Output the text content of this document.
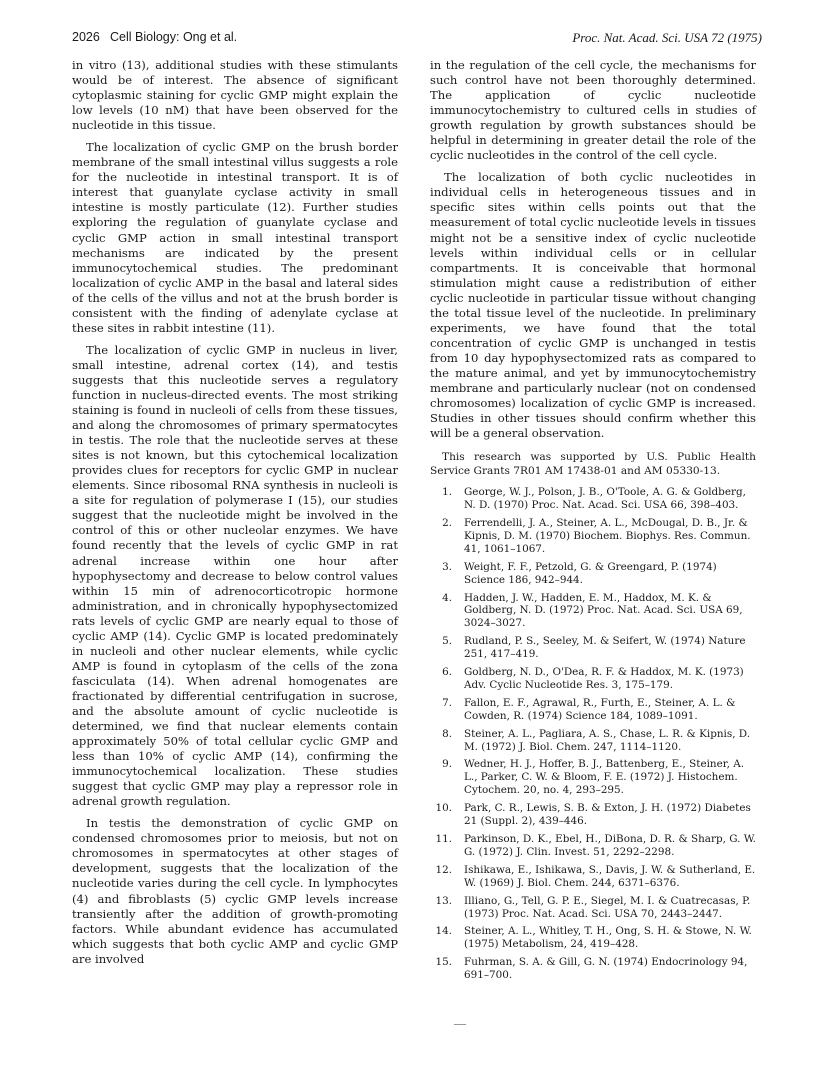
2026 Cell Biology: Ong et al.	Proc. Nat. Acad. Sci. USA 72 (1975)

in vitro (13), additional studies with these stimulants would be of interest. The absence of significant cytoplasmic staining for cyclic GMP might explain the low levels (10 nM) that have been observed for the nucleotide in this tissue.

The localization of cyclic GMP on the brush border membrane of the small intestinal villus suggests a role for the nucleotide in intestinal transport. It is of interest that guanylate cyclase activity in small intestine is mostly particulate (12). Further studies exploring the regulation of guanylate cyclase and cyclic GMP action in small intestinal transport mechanisms are indicated by the present immunocytochemical studies. The predominant localization of cyclic AMP in the basal and lateral sides of the cells of the villus and not at the brush border is consistent with the finding of adenylate cyclase at these sites in rabbit intestine (11).

The localization of cyclic GMP in nucleus in liver, small intestine, adrenal cortex (14), and testis suggests that this nucleotide serves a regulatory function in nucleus-directed events. The most striking staining is found in nucleoli of cells from these tissues, and along the chromosomes of primary spermatocytes in testis. The role that the nucleotide serves at these sites is not known, but this cytochemical localization provides clues for receptors for cyclic GMP in nuclear elements. Since ribosomal RNA synthesis in nucleoli is a site for regulation of polymerase I (15), our studies suggest that the nucleotide might be involved in the control of this or other nucleolar enzymes. We have found recently that the levels of cyclic GMP in rat adrenal increase within one hour after hypophysectomy and decrease to below control values within 15 min of adrenocorticotropic hormone administration, and in chronically hypophysectomized rats levels of cyclic GMP are nearly equal to those of cyclic AMP (14). Cyclic GMP is located predominately in nucleoli and other nuclear elements, while cyclic AMP is found in cytoplasm of the cells of the zona fasciculata (14). When adrenal homogenates are fractionated by differential centrifugation in sucrose, and the absolute amount of cyclic nucleotide is determined, we find that nuclear elements contain approximately 50% of total cellular cyclic GMP and less than 10% of cyclic AMP (14), confirming the immunocytochemical localization. These studies suggest that cyclic GMP may play a repressor role in adrenal growth regulation.

In testis the demonstration of cyclic GMP on condensed chromosomes prior to meiosis, but not on chromosomes in spermatocytes at other stages of development, suggests that the localization of the nucleotide varies during the cell cycle. In lymphocytes (4) and fibroblasts (5) cyclic GMP levels increase transiently after the addition of growth-promoting factors. While abundant evidence has accumulated which suggests that both cyclic AMP and cyclic GMP are involved

in the regulation of the cell cycle, the mechanisms for such control have not been thoroughly determined. The application of cyclic nucleotide immunocytochemistry to cultured cells in studies of growth regulation by growth substances should be helpful in determining in greater detail the role of the cyclic nucleotides in the control of the cell cycle.

The localization of both cyclic nucleotides in individual cells in heterogeneous tissues and in specific sites within cells points out that the measurement of total cyclic nucleotide levels in tissues might not be a sensitive index of cyclic nucleotide levels within individual cells or in cellular compartments. It is conceivable that hormonal stimulation might cause a redistribution of either cyclic nucleotide in particular tissue without changing the total tissue level of the nucleotide. In preliminary experiments, we have found that the total concentration of cyclic GMP is unchanged in testis from 10 day hypophysectomized rats as compared to the mature animal, and yet by immunocytochemistry membrane and particularly nuclear (not on condensed chromosomes) localization of cyclic GMP is increased. Studies in other tissues should confirm whether this will be a general observation.

This research was supported by U.S. Public Health Service Grants 7R01 AM 17438-01 and AM 05330-13.
1. George, W. J., Polson, J. B., O'Toole, A. G. & Goldberg, N. D. (1970) Proc. Nat. Acad. Sci. USA 66, 398–403.
2. Ferrendelli, J. A., Steiner, A. L., McDougal, D. B., Jr. & Kipnis, D. M. (1970) Biochem. Biophys. Res. Commun. 41, 1061–1067.
3. Weight, F. F., Petzold, G. & Greengard, P. (1974) Science 186, 942–944.
4. Hadden, J. W., Hadden, E. M., Haddox, M. K. & Goldberg, N. D. (1972) Proc. Nat. Acad. Sci. USA 69, 3024–3027.
5. Rudland, P. S., Seeley, M. & Seifert, W. (1974) Nature 251, 417–419.
6. Goldberg, N. D., O'Dea, R. F. & Haddox, M. K. (1973) Adv. Cyclic Nucleotide Res. 3, 175–179.
7. Fallon, E. F., Agrawal, R., Furth, E., Steiner, A. L. & Cowden, R. (1974) Science 184, 1089–1091.
8. Steiner, A. L., Pagliara, A. S., Chase, L. R. & Kipnis, D. M. (1972) J. Biol. Chem. 247, 1114–1120.
9. Wedner, H. J., Hoffer, B. J., Battenberg, E., Steiner, A. L., Parker, C. W. & Bloom, F. E. (1972) J. Histochem. Cytochem. 20, no. 4, 293–295.
10. Park, C. R., Lewis, S. B. & Exton, J. H. (1972) Diabetes 21 (Suppl. 2), 439–446.
11. Parkinson, D. K., Ebel, H., DiBona, D. R. & Sharp, G. W. G. (1972) J. Clin. Invest. 51, 2292–2298.
12. Ishikawa, E., Ishikawa, S., Davis, J. W. & Sutherland, E. W. (1969) J. Biol. Chem. 244, 6371–6376.
13. Illiano, G., Tell, G. P. E., Siegel, M. I. & Cuatrecasas, P. (1973) Proc. Nat. Acad. Sci. USA 70, 2443–2447.
14. Steiner, A. L., Whitley, T. H., Ong, S. H. & Stowe, N. W. (1975) Metabolism, 24, 419–428.
15. Fuhrman, S. A. & Gill, G. N. (1974) Endocrinology 94, 691–700.
